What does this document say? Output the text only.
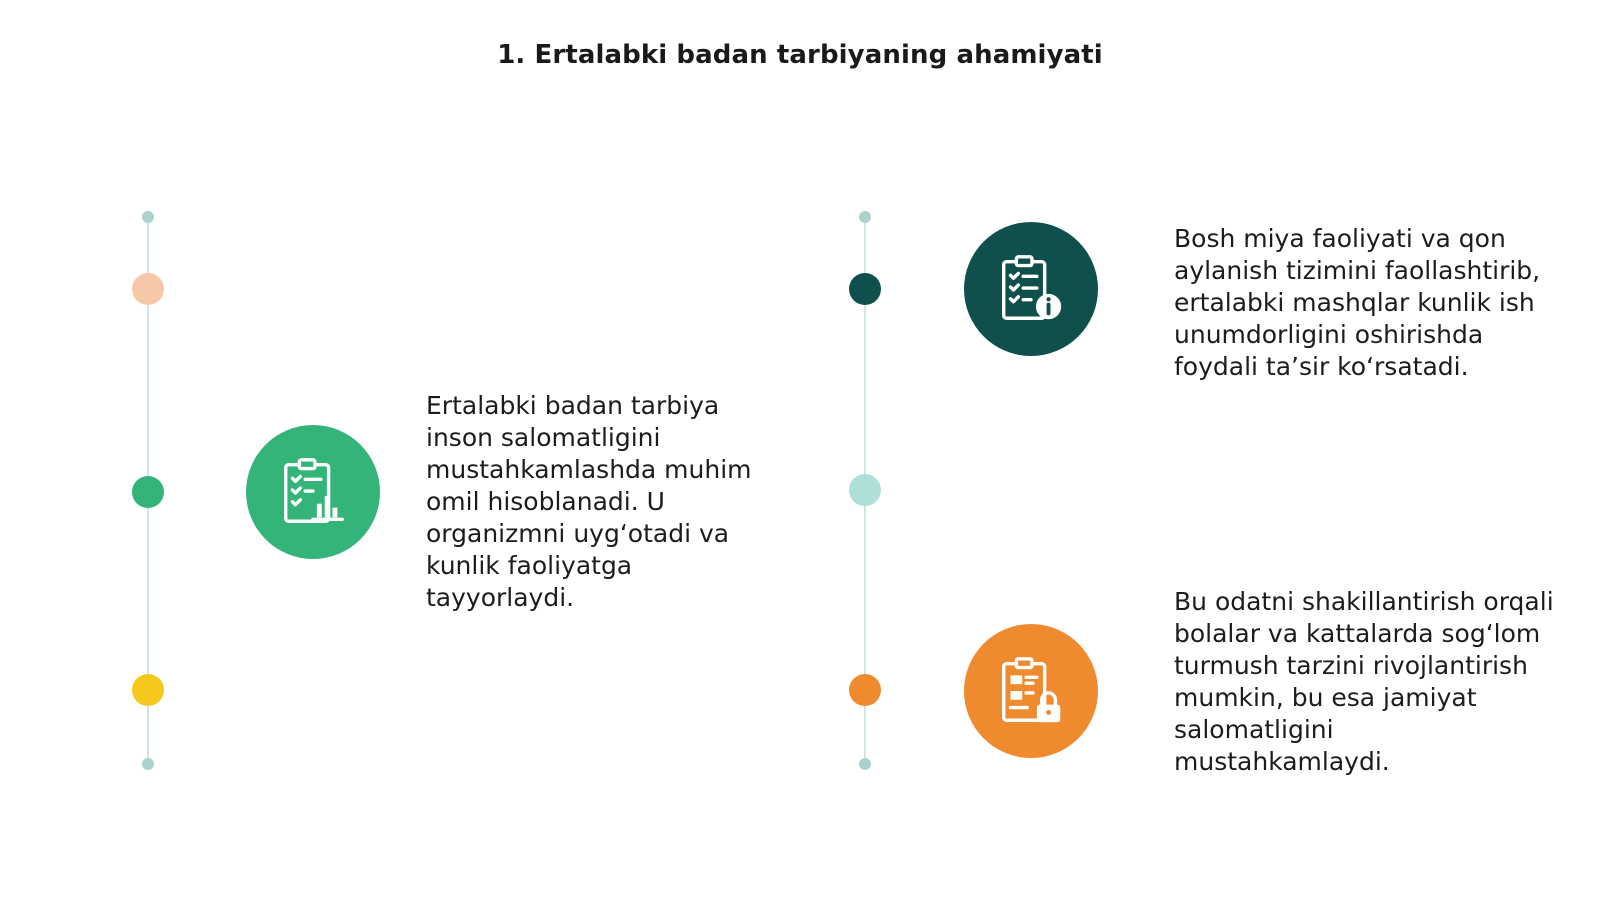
1. Ertalabki badan tarbiyaning ahamiyati
Ertalabki badan tarbiya inson salomatligini mustahkamlashda muhim omil hisoblanadi. U organizmni uyg‘otadi va kunlik faoliyatga tayyorlaydi.
Bosh miya faoliyati va qon aylanish tizimini faollashtirib, ertalabki mashqlar kunlik ish unumdorligini oshirishda foydali ta’sir ko‘rsatadi.
Bu odatni shakillantirish orqali bolalar va kattalarda sog‘lom turmush tarzini rivojlantirish mumkin, bu esa jamiyat salomatligini mustahkamlaydi.
